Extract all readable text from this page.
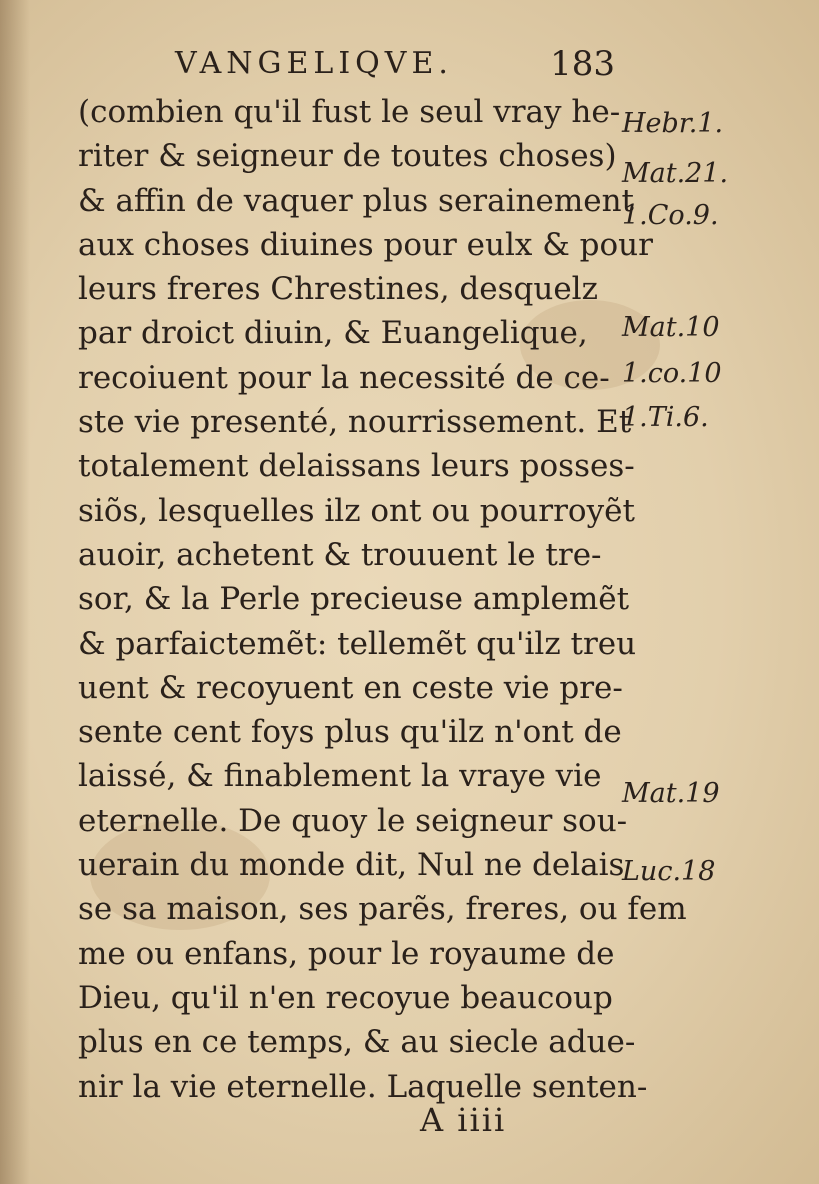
VANGELIQVE.	183
(combien qu'il fust le seul vray he-
riter & seigneur de toutes choses)
& affin de vaquer plus serainement
aux choses diuines pour eulx & pour
leurs freres Chrestines, desquelz
par droict diuin, & Euangelique,
recoiuent pour la necessité de ce-
ste vie presenté, nourrissement. Et
totalement delaissans leurs posses-
siõs, lesquelles ilz ont ou pourroyẽt
auoir, achetent & trouuent le tre-
sor, & la Perle precieuse amplemẽt
& parfaictemẽt: tellemẽt qu'ilz treu
uent & recoyuent en ceste vie pre-
sente cent foys plus qu'ilz n'ont de
laissé, & finablement la vraye vie
eternelle. De quoy le seigneur sou-
uerain du monde dit, Nul ne delais
se sa maison, ses parẽs, freres, ou fem
me ou enfans, pour le royaume de
Dieu, qu'il n'en recoyue beaucoup
plus en ce temps, & au siecle adue-
nir la vie eternelle. Laquelle senten-
Hebr.1.
Mat.21.
1.Co.9.
Mat.10
1.co.10
1.Ti.6.
Mat.19
Luc.18
A iiii
